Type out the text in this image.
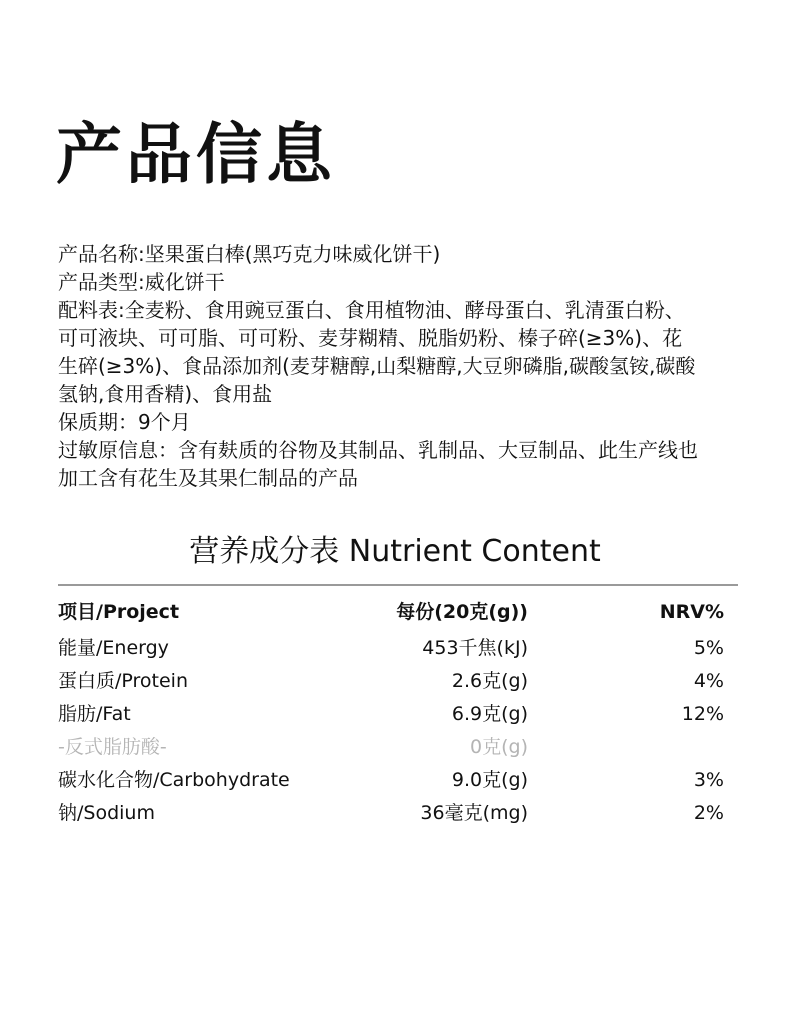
产品信息

产品名称:坚果蛋白棒(黑巧克力味威化饼干)

产品类型:威化饼干

配料表:全麦粉、食用豌豆蛋白、食用植物油、酵母蛋白、乳清蛋白粉、可可液块、可可脂、可可粉、麦芽糊精、脱脂奶粉、榛子碎(≥3%)、花生碎(≥3%)、食品添加剂(麦芽糖醇,山梨糖醇,大豆卵磷脂,碳酸氢铵,碳酸氢钠,食用香精)、食用盐

保质期：9个月

过敏原信息：含有麸质的谷物及其制品、乳制品、大豆制品、此生产线也加工含有花生及其果仁制品的产品

营养成分表 Nutrient Content
项目/Project	每份(20克(g))	NRV%
能量/Energy	453千焦(kJ)	5%
蛋白质/Protein	2.6克(g)	4%
脂肪/Fat	6.9克(g)	12%
-反式脂肪酸-	0克(g)
碳水化合物/Carbohydrate	9.0克(g)	3%
钠/Sodium	36毫克(mg)	2%
